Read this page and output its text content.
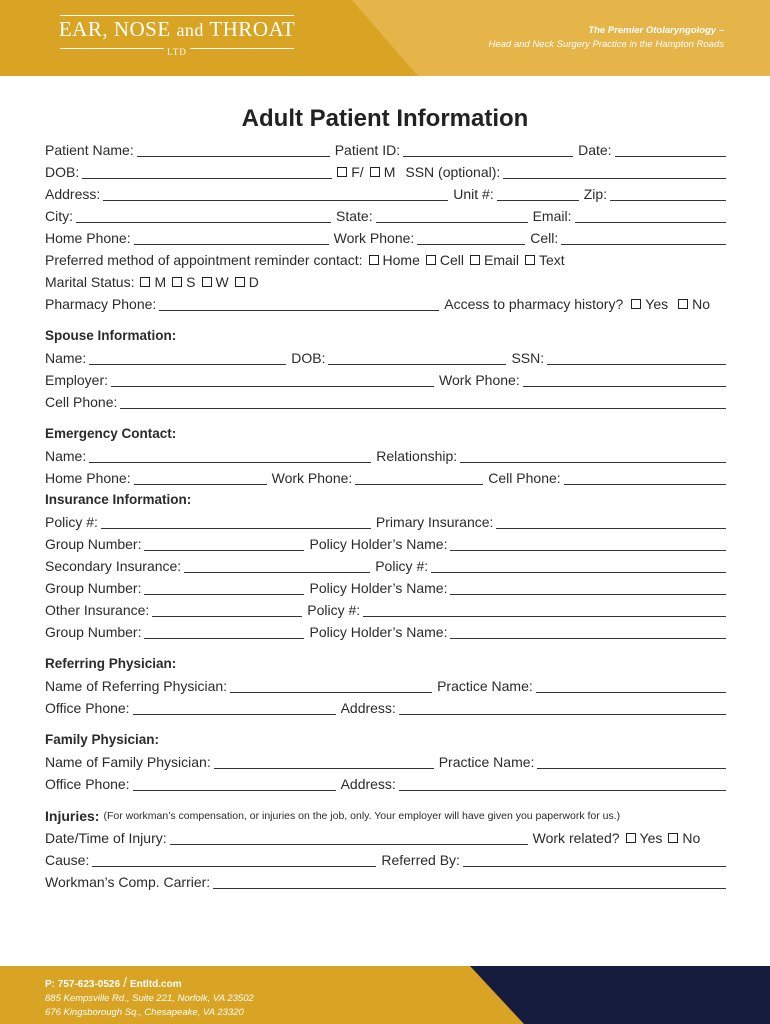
EAR, NOSE and THROAT
LTD
The Premier Otolaryngology –
Head and Neck Surgery Practice in the Hampton Roads
Adult Patient Information
Patient Name:	Patient ID:	Date:
DOB:	F/ M SSN (optional):
Address:	Unit #:	Zip:
City:	State:	Email:
Home Phone:	Work Phone:	Cell:
Preferred method of appointment reminder contact: Home Cell Email Text
Marital Status: M S W D
Pharmacy Phone:	Access to pharmacy history? Yes No
Spouse Information:
Name:	DOB:	SSN:
Employer:	Work Phone:
Cell Phone:
Emergency Contact:
Name:	Relationship:
Home Phone:	Work Phone:	Cell Phone:
Insurance Information:
Policy #:	Primary Insurance:
Group Number:	Policy Holder’s Name:
Secondary Insurance:	Policy #:
Group Number:	Policy Holder’s Name:
Other Insurance:	Policy #:
Group Number:	Policy Holder’s Name:
Referring Physician:
Name of Referring Physician:	Practice Name:
Office Phone:	Address:
Family Physician:
Name of Family Physician:	Practice Name:
Office Phone:	Address:
Injuries: (For workman’s compensation, or injuries on the job, only. Your employer will have given you paperwork for us.)
Date/Time of Injury:	Work related? Yes No
Cause:	Referred By:
Workman’s Comp. Carrier:
P: 757-623-0526 / Entltd.com
885 Kempsville Rd., Suite 221, Norfolk, VA 23502
676 Kingsborough Sq., Chesapeake, VA 23320
